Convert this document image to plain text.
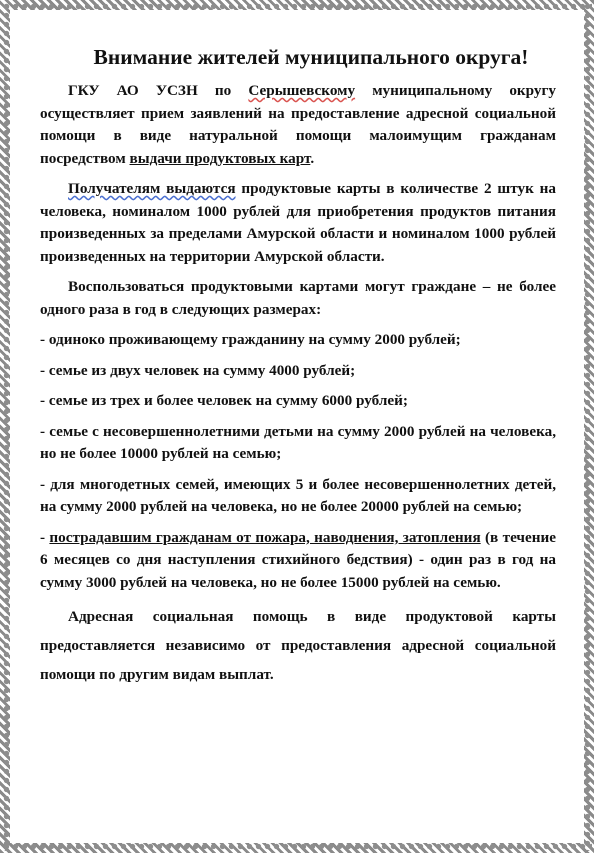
Внимание жителей муниципального округа!

ГКУ АО УСЗН по Серышевскому муниципальному округу осуществляет прием заявлений на предоставление адресной социальной помощи в виде натуральной помощи малоимущим гражданам посредством выдачи продуктовых карт.

Получателям выдаются продуктовые карты в количестве 2 штук на человека, номиналом 1000 рублей для приобретения продуктов питания произведенных за пределами Амурской области и номиналом 1000 рублей произведенных на территории Амурской области.

Воспользоваться продуктовыми картами могут граждане – не более одного раза в год в следующих размерах:

- одиноко проживающему гражданину на сумму 2000 рублей;

- семье из двух человек на сумму 4000 рублей;

- семье из трех и более человек на сумму 6000 рублей;

- семье с несовершеннолетними детьми на сумму 2000 рублей на человека, но не более 10000 рублей на семью;

- для многодетных семей, имеющих 5 и более несовершеннолетних детей, на сумму 2000 рублей на человека, но не более 20000 рублей на семью;

- пострадавшим гражданам от пожара, наводнения, затопления (в течение 6 месяцев со дня наступления стихийного бедствия) - один раз в год на сумму 3000 рублей на человека, но не более 15000 рублей на семью.

Адресная социальная помощь в виде продуктовой карты предоставляется независимо от предоставления адресной социальной помощи по другим видам выплат.
